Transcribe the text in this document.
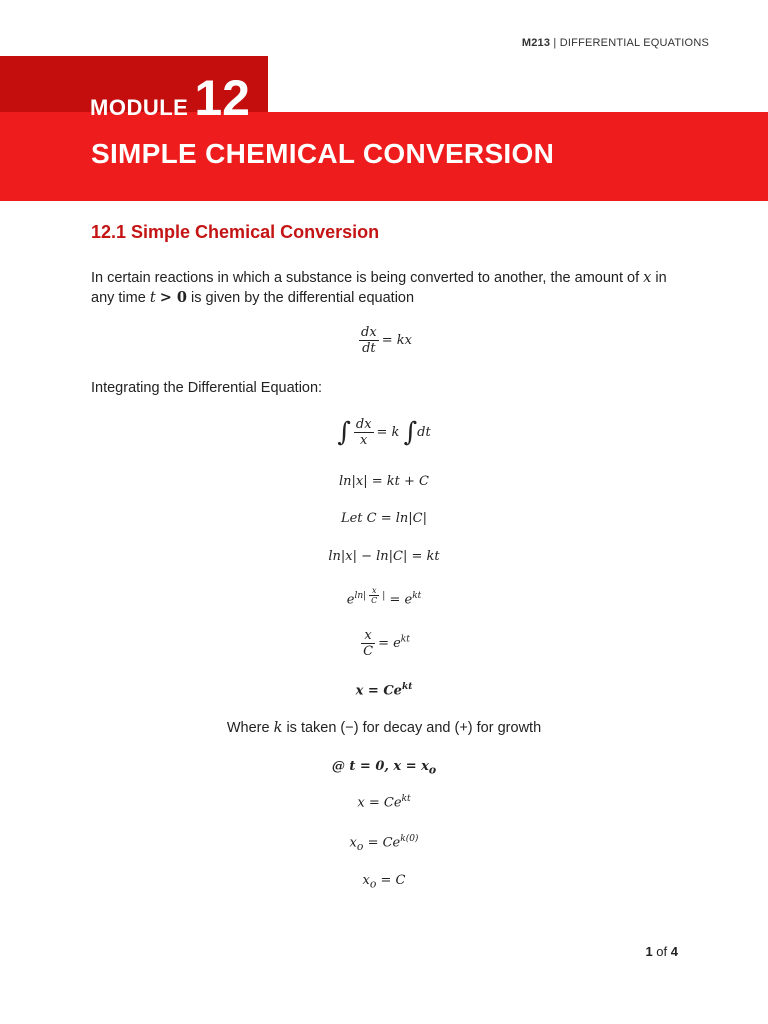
M213 | DIFFERENTIAL EQUATIONS
MODULE 12
SIMPLE CHEMICAL CONVERSION
12.1 Simple Chemical Conversion
In certain reactions in which a substance is being converted to another, the amount of x in any time t > 0 is given by the differential equation
$\frac{dx}{dt}$ = kx
Integrating the Differential Equation:
∫ $\frac{dx}{x} = k$ ∫dt
ln|x| = kt + C
Let C = ln|C|
ln|x| − ln|C| = kt
$e^{ln| \frac{x}{C} |} = e^{kt}$
$\frac{x}{C} = e^{kt}$
$x = Ce^{kt}$
Where k is taken (−) for decay and (+) for growth
@ t = 0, $x = x_o$
$x = Ce^{kt}$
$x_o = Ce^{k(0)}$
$x_o = C$
1 of 4
